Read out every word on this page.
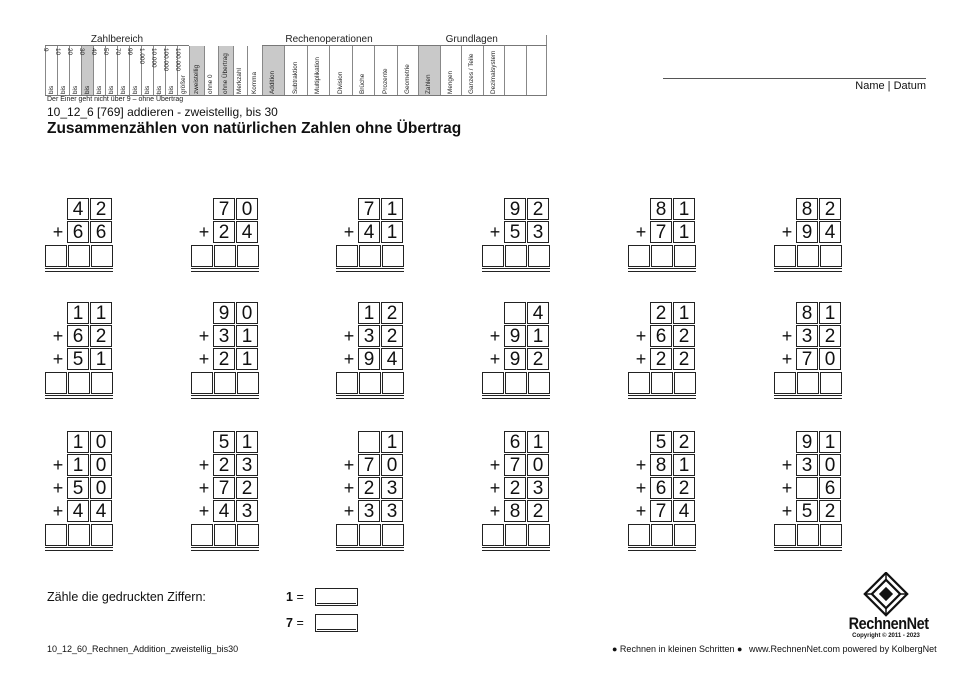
9
bis
10
bis
20
bis
30
bis
40
bis
50
bis
70
bis
99
bis
1.000
bis
10.000
bis
100.000
bis
100.000
größer zweistellig ohne 0 ohne Übertrag Merkzahl Komma Addition Subtraktion Multiplikation Division Brüche Prozente Geometrie Zahlen Mengen Ganzes / Teile Dezimalsystem
Zahlbereich	Rechenoperationen	Grundlagen
Der Einer geht nicht über 9 – ohne Übertrag
10_12_6 [769] addieren - zweistellig, bis 30
Zusammenzählen von natürlichen Zahlen ohne Übertrag
Name | Datum
4 2
+ 6 6
7 0
+ 2 4
7 1
+ 4 1
9 2
+ 5 3
8 1
+ 7 1
8 2
+ 9 4
1 1
+ 6 2
+ 5 1
9 0
+ 3 1
+ 2 1
1 2
+ 3 2
+ 9 4
4
+ 9 1
+ 9 2
2 1
+ 6 2
+ 2 2
8 1
+ 3 2
+ 7 0
1 0
+ 1 0
+ 5 0
+ 4 4
5 1
+ 2 3
+ 7 2
+ 4 3
1
+ 7 0
+ 2 3
+ 3 3
6 1
+ 7 0
+ 2 3
+ 8 2
5 2
+ 8 1
+ 6 2
+ 7 4
9 1
+ 3 0
+	6
+ 5 2
Zähle die gedruckten Ziffern:	1 =
7 =	RechnenNet
Copyright © 2011 - 2023
10_12_60_Rechnen_Addition_zweistellig_bis30	● Rechnen in kleinen Schritten ● www.RechnenNet.com powered by KolbergNet
